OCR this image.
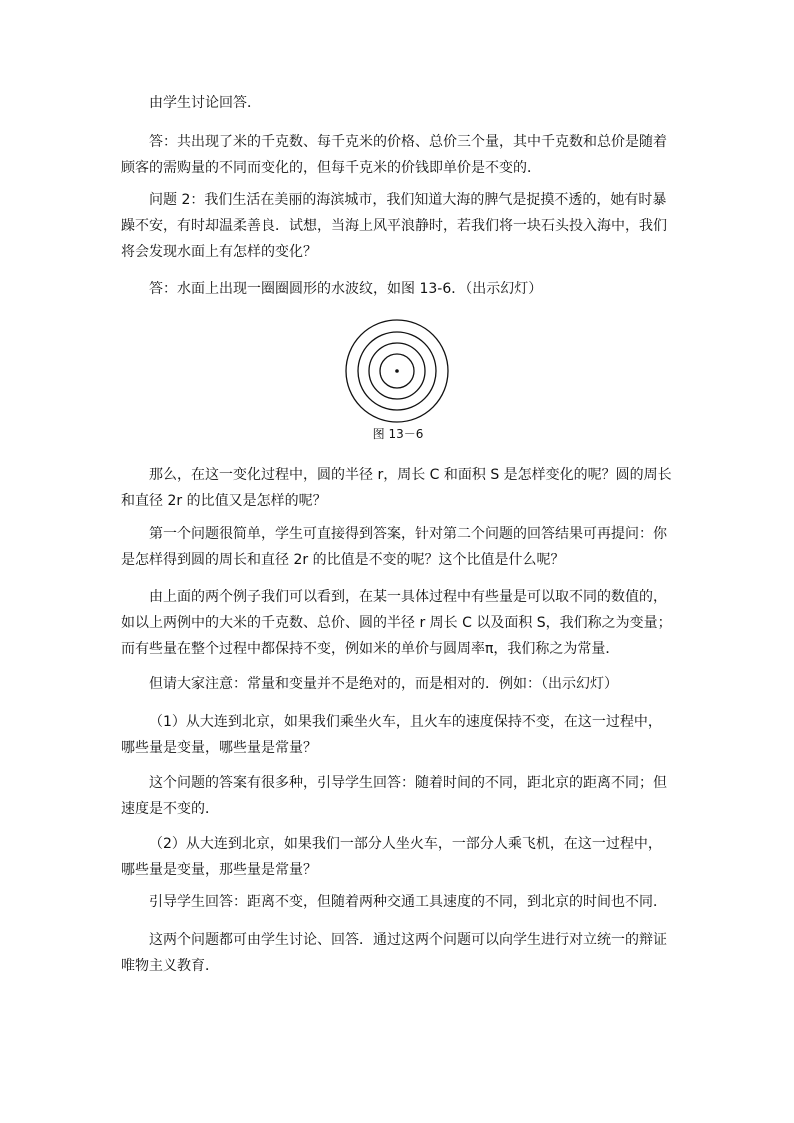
由学生讨论回答．

答：共出现了米的千克数、每千克米的价格、总价三个量，其中千克数和总价是随着顾客的需购量的不同而变化的，但每千克米的价钱即单价是不变的．

问题 2：我们生活在美丽的海滨城市，我们知道大海的脾气是捉摸不透的，她有时暴躁不安，有时却温柔善良．试想，当海上风平浪静时，若我们将一块石头投入海中，我们将会发现水面上有怎样的变化？

答：水面上出现一圈圈圆形的水波纹，如图 13-6．（出示幻灯）

图 13－6

那么，在这一变化过程中，圆的半径 r，周长 C 和面积 S 是怎样变化的呢？圆的周长和直径 2r 的比值又是怎样的呢？

第一个问题很简单，学生可直接得到答案，针对第二个问题的回答结果可再提问：你是怎样得到圆的周长和直径 2r 的比值是不变的呢？这个比值是什么呢？

由上面的两个例子我们可以看到，在某一具体过程中有些量是可以取不同的数值的，如以上两例中的大米的千克数、总价、圆的半径 r 周长 C 以及面积 S，我们称之为变量；而有些量在整个过程中都保持不变，例如米的单价与圆周率π，我们称之为常量．

但请大家注意：常量和变量并不是绝对的，而是相对的．例如：（出示幻灯）

（1）从大连到北京，如果我们乘坐火车，且火车的速度保持不变，在这一过程中，哪些量是变量，哪些量是常量？

这个问题的答案有很多种，引导学生回答：随着时间的不同，距北京的距离不同；但速度是不变的．

（2）从大连到北京，如果我们一部分人坐火车，一部分人乘飞机，在这一过程中，哪些量是变量，那些量是常量？

引导学生回答：距离不变，但随着两种交通工具速度的不同，到北京的时间也不同．

这两个问题都可由学生讨论、回答．通过这两个问题可以向学生进行对立统一的辩证唯物主义教育．
